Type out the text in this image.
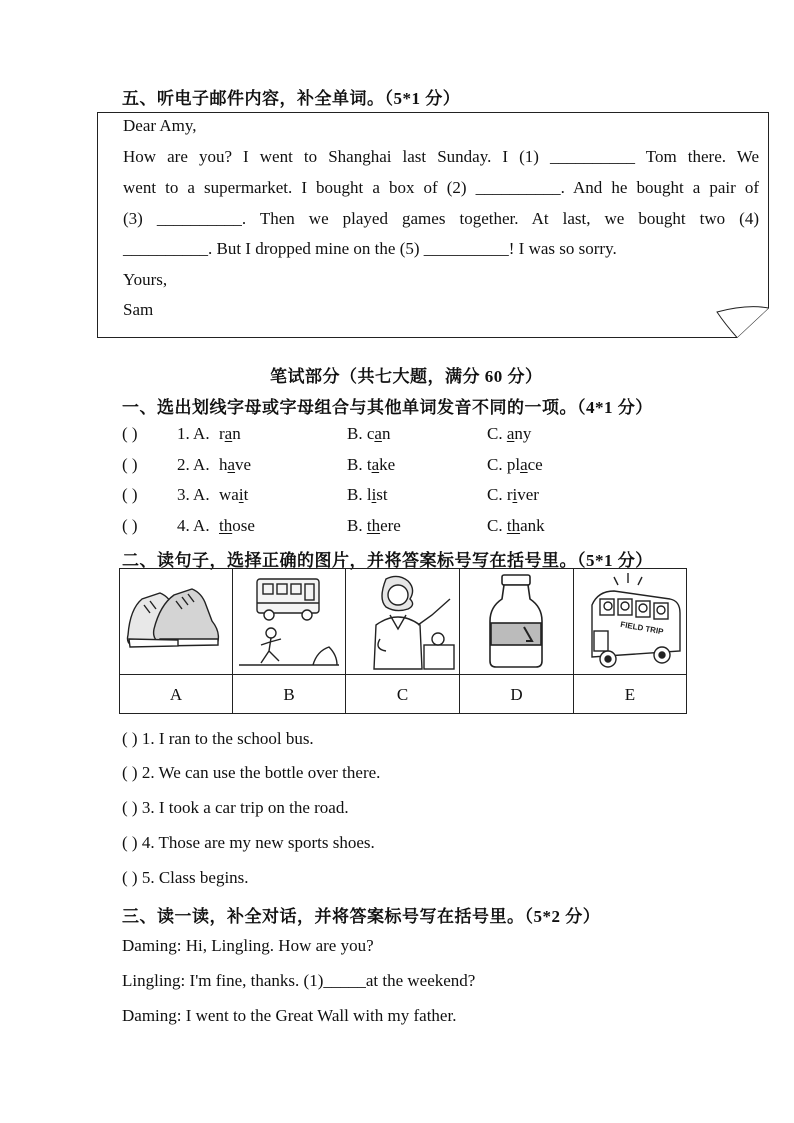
五、听电子邮件内容，补全单词。（5*1 分）
Dear Amy,
How are you? I went to Shanghai last Sunday. I (1) __________ Tom there. We
went to a supermarket. I bought a box of (2) __________. And he bought a pair of
(3) __________. Then we played games together. At last, we bought two (4)
__________. But I dropped mine on the (5) __________! I was so sorry.
Yours,
Sam
笔试部分（共七大题，满分 60 分）
一、选出划线字母或字母组合与其他单词发音不同的一项。（4*1 分）
( ) 1. A. ran	B. can	C. any
( ) 2. A. have	B. take	C. place
( ) 3. A. wait	B. list	C. river
( ) 4. A. those	B. there	C. thank
二、读句子，选择正确的图片，并将答案标号写在括号里。（5*1 分）
FIELD TRIP
A	B	C	D	E
( ) 1. I ran to the school bus.
( ) 2. We can use the bottle over there.
( ) 3. I took a car trip on the road.
( ) 4. Those are my new sports shoes.
( ) 5. Class begins.
三、读一读，补全对话，并将答案标号写在括号里。（5*2 分）
Daming: Hi, Lingling. How are you?
Lingling: I'm fine, thanks. (1)_____at the weekend?
Daming: I went to the Great Wall with my father.
